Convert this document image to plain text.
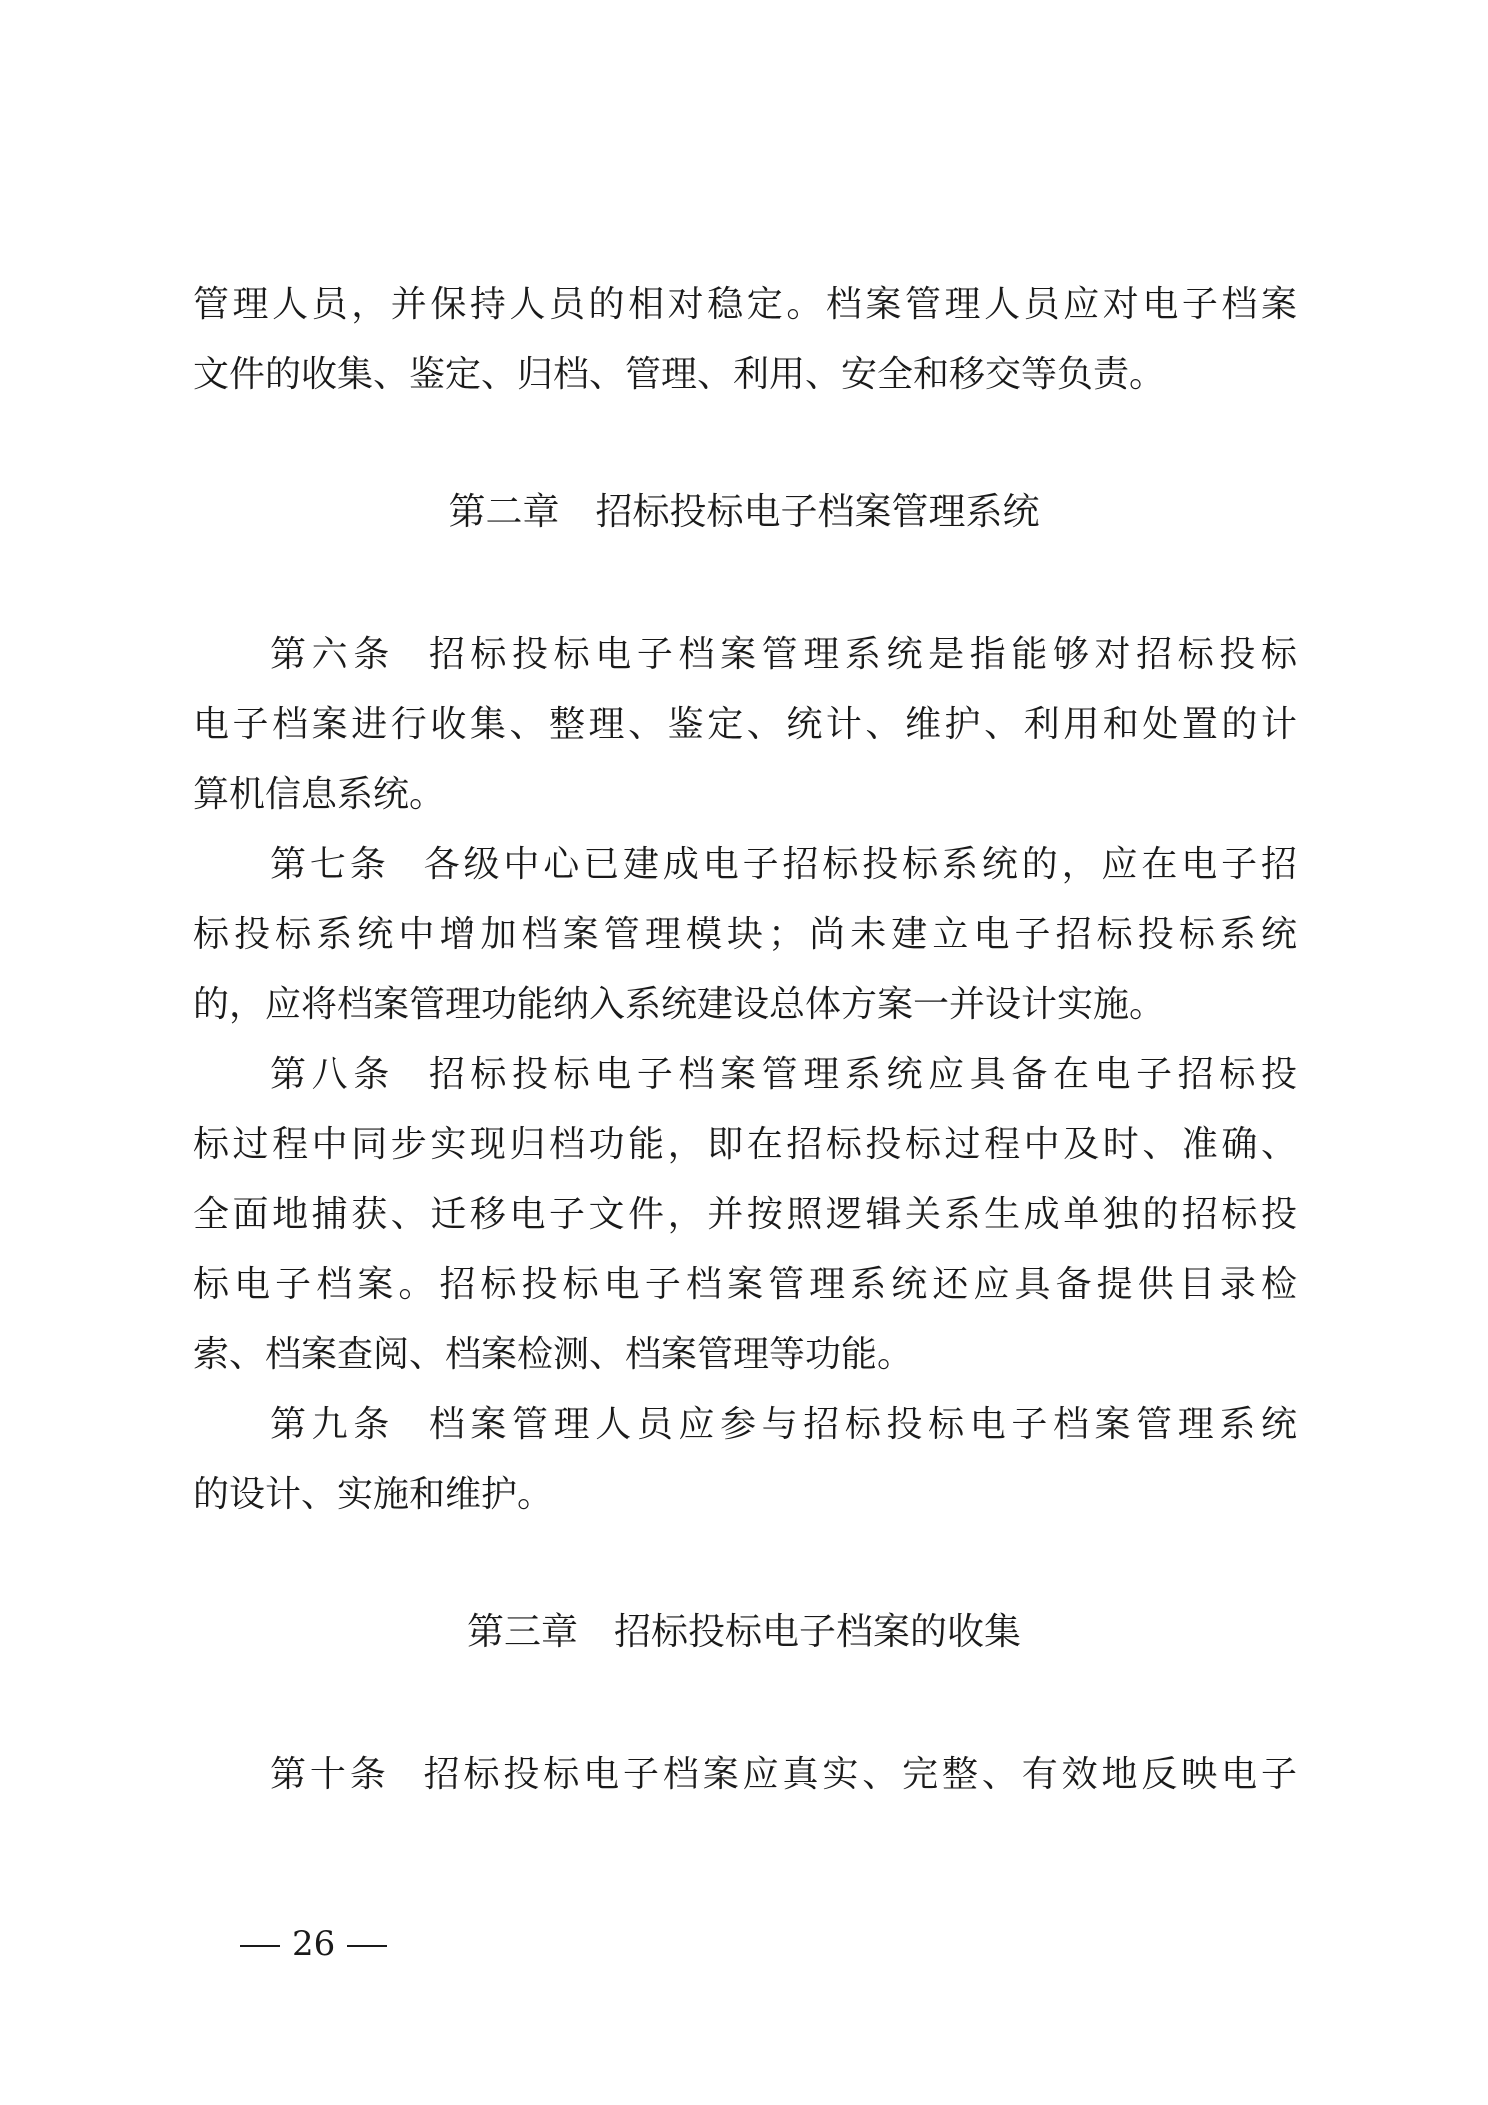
管理人员，并保持人员的相对稳定。档案管理人员应对电子档案
文件的收集、鉴定、归档、管理、利用、安全和移交等负责。
第二章 招标投标电子档案管理系统
第六条 招标投标电子档案管理系统是指能够对招标投标
电子档案进行收集、整理、鉴定、统计、维护、利用和处置的计
算机信息系统。
第七条 各级中心已建成电子招标投标系统的，应在电子招
标投标系统中增加档案管理模块；尚未建立电子招标投标系统
的，应将档案管理功能纳入系统建设总体方案一并设计实施。
第八条 招标投标电子档案管理系统应具备在电子招标投
标过程中同步实现归档功能，即在招标投标过程中及时、准确、
全面地捕获、迁移电子文件，并按照逻辑关系生成单独的招标投
标电子档案。招标投标电子档案管理系统还应具备提供目录检
索、档案查阅、档案检测、档案管理等功能。
第九条 档案管理人员应参与招标投标电子档案管理系统
的设计、实施和维护。
第三章 招标投标电子档案的收集
第十条 招标投标电子档案应真实、完整、有效地反映电子
26
